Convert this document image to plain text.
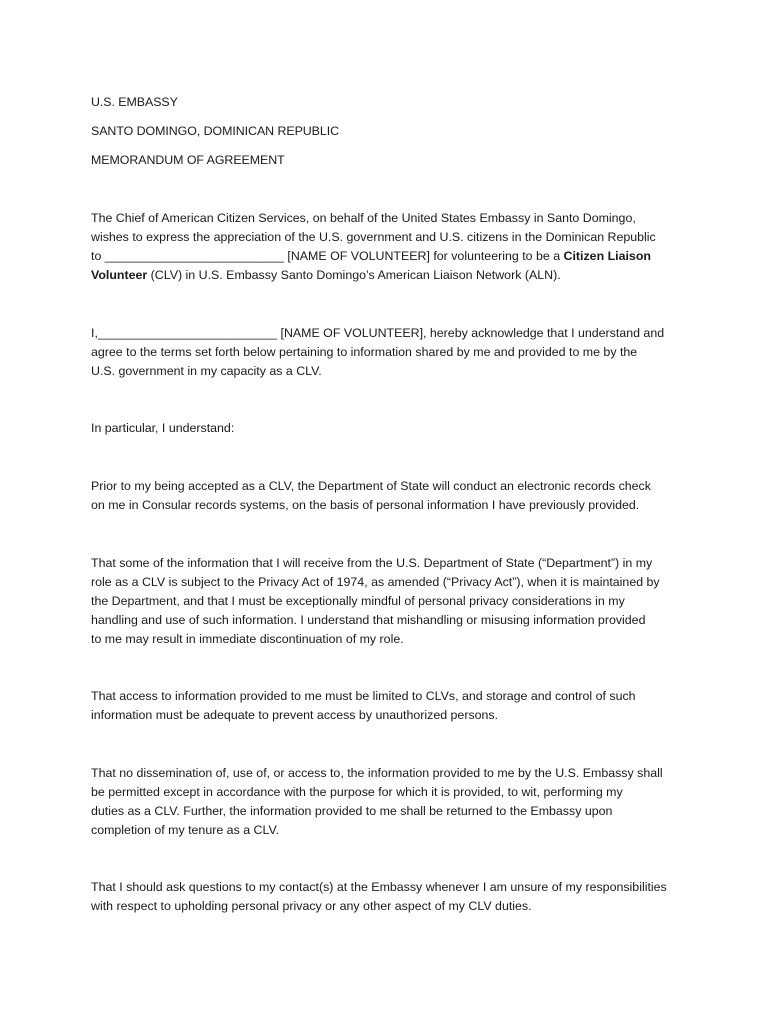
U.S. EMBASSY
SANTO DOMINGO, DOMINICAN REPUBLIC
MEMORANDUM OF AGREEMENT
The Chief of American Citizen Services, on behalf of the United States Embassy in Santo Domingo,
wishes to express the appreciation of the U.S. government and U.S. citizens in the Dominican Republic
to __________________________ [NAME OF VOLUNTEER] for volunteering to be a Citizen Liaison
Volunteer (CLV) in U.S. Embassy Santo Domingo’s American Liaison Network (ALN).
I,__________________________ [NAME OF VOLUNTEER], hereby acknowledge that I understand and
agree to the terms set forth below pertaining to information shared by me and provided to me by the
U.S. government in my capacity as a CLV.
In particular, I understand:
Prior to my being accepted as a CLV, the Department of State will conduct an electronic records check
on me in Consular records systems, on the basis of personal information I have previously provided.
That some of the information that I will receive from the U.S. Department of State (“Department”) in my
role as a CLV is subject to the Privacy Act of 1974, as amended (“Privacy Act”), when it is maintained by
the Department, and that I must be exceptionally mindful of personal privacy considerations in my
handling and use of such information. I understand that mishandling or misusing information provided
to me may result in immediate discontinuation of my role.
That access to information provided to me must be limited to CLVs, and storage and control of such
information must be adequate to prevent access by unauthorized persons.
That no dissemination of, use of, or access to, the information provided to me by the U.S. Embassy shall
be permitted except in accordance with the purpose for which it is provided, to wit, performing my
duties as a CLV. Further, the information provided to me shall be returned to the Embassy upon
completion of my tenure as a CLV.
That I should ask questions to my contact(s) at the Embassy whenever I am unsure of my responsibilities
with respect to upholding personal privacy or any other aspect of my CLV duties.
